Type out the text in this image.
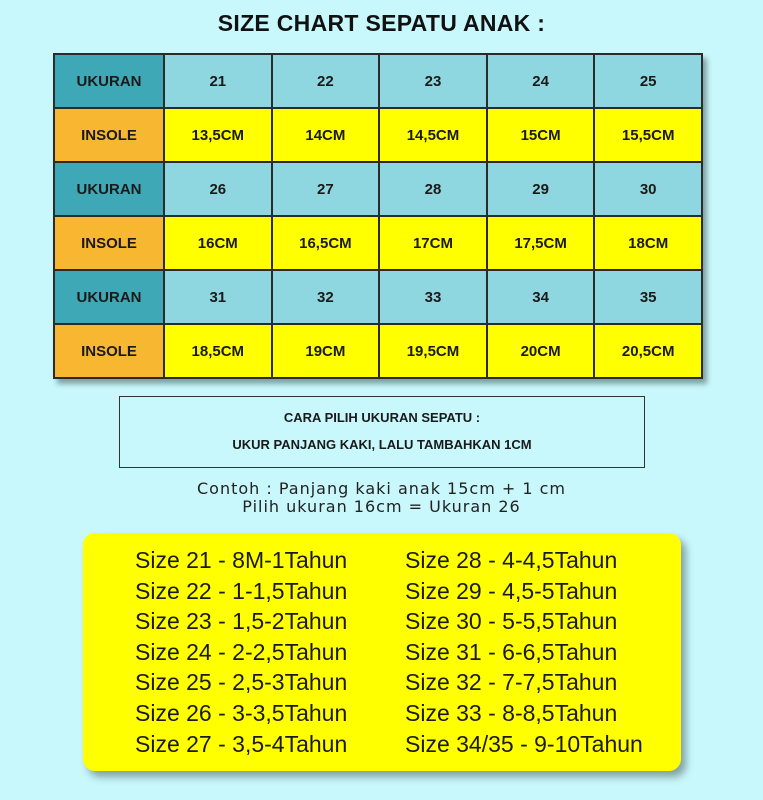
SIZE CHART SEPATU ANAK :
UKURAN	21	22	23	24	25
INSOLE	13,5CM	14CM	14,5CM	15CM	15,5CM
UKURAN	26	27	28	29	30
INSOLE	16CM	16,5CM	17CM	17,5CM	18CM
UKURAN	31	32	33	34	35
INSOLE	18,5CM	19CM	19,5CM	20CM	20,5CM
CARA PILIH UKURAN SEPATU :
UKUR PANJANG KAKI, LALU TAMBAHKAN 1CM
Contoh : Panjang kaki anak 15cm + 1 cm
Pilih ukuran 16cm = Ukuran 26
Size 21 - 8M-1Tahun
Size 22 - 1-1,5Tahun
Size 23 - 1,5-2Tahun
Size 24 - 2-2,5Tahun
Size 25 - 2,5-3Tahun
Size 26 - 3-3,5Tahun
Size 27 - 3,5-4Tahun
Size 28 - 4-4,5Tahun
Size 29 - 4,5-5Tahun
Size 30 - 5-5,5Tahun
Size 31 - 6-6,5Tahun
Size 32 - 7-7,5Tahun
Size 33 - 8-8,5Tahun
Size 34/35 - 9-10Tahun
